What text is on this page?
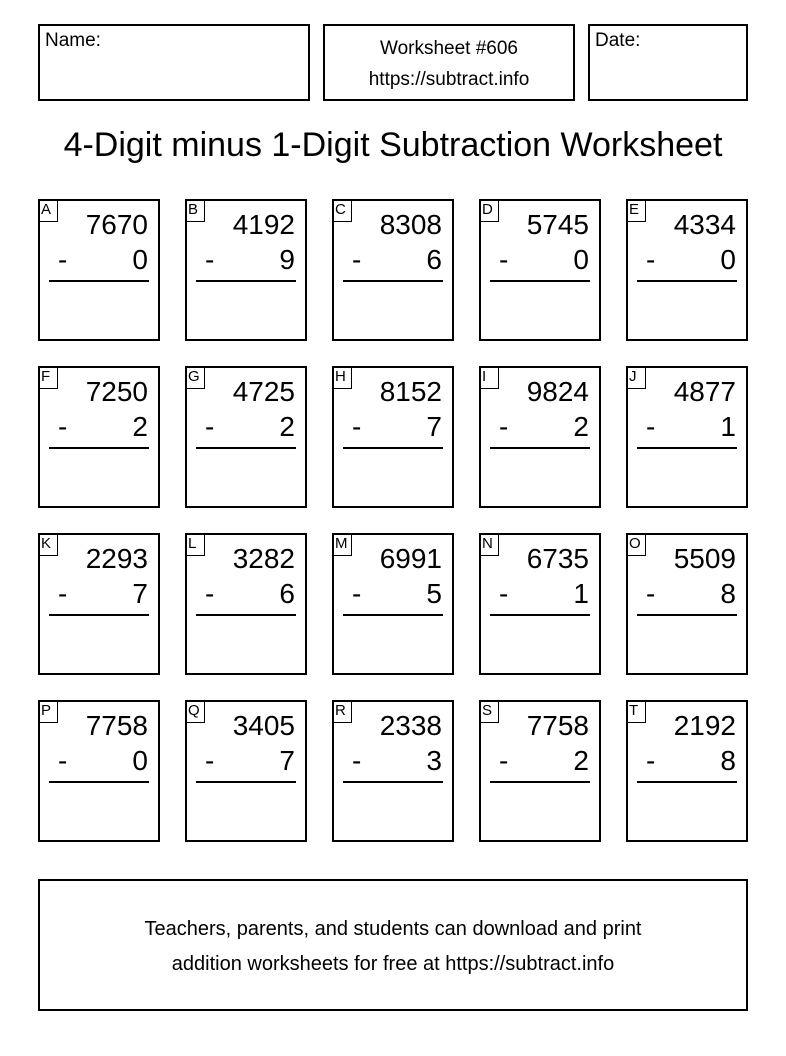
Name:	Worksheet #606
https://subtract.info
Date:
4-Digit minus 1-Digit Subtraction Worksheet
A 7670
- 0
B 4192
- 9
C 8308
- 6
D 5745
- 0
E 4334
- 0
F 7250
- 2
G 4725
- 2
H 8152
- 7
I	9824
- 2
J	4877
- 1
K 2293
- 7
L	3282
- 6
M 6991
- 5
N 6735
- 1
O 5509
- 8
P 7758
- 0
Q 3405
- 7
R 2338
- 3
S 7758
- 2
T 2192
- 8
Teachers, parents, and students can download and print
addition worksheets for free at https://subtract.info
